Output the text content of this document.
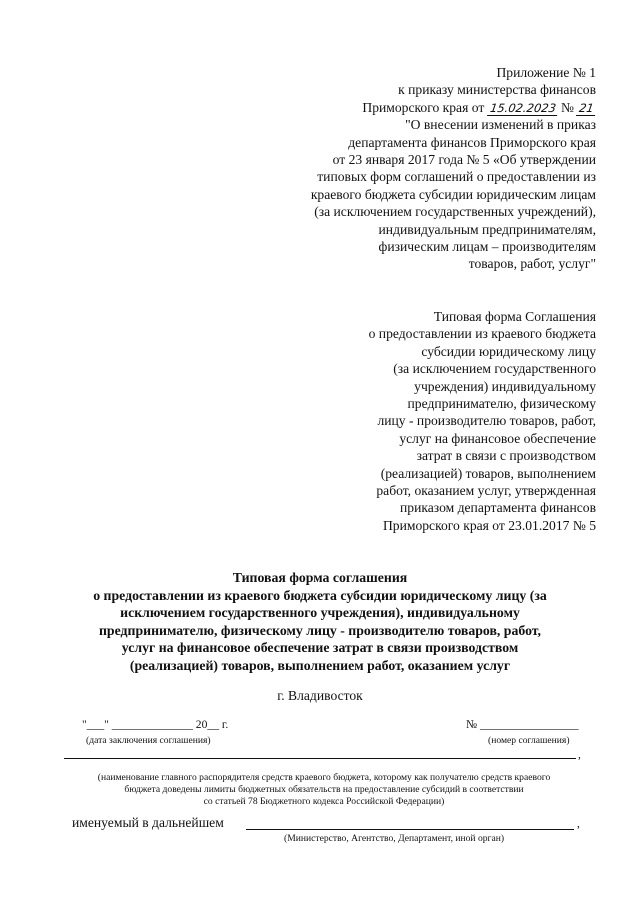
Приложение № 1
к приказу министерства финансов
Приморского края от 15.02.2023 № 21
"О внесении изменений в приказ
департамента финансов Приморского края
от 23 января 2017 года № 5 «Об утверждении
типовых форм соглашений о предоставлении из
краевого бюджета субсидии юридическим лицам
(за исключением государственных учреждений),
индивидуальным предпринимателям,
физическим лицам – производителям
товаров, работ, услуг"
Типовая форма Соглашения
о предоставлении из краевого бюджета
субсидии юридическому лицу
(за исключением государственного
учреждения) индивидуальному
предпринимателю, физическому
лицу - производителю товаров, работ,
услуг на финансовое обеспечение
затрат в связи с производством
(реализацией) товаров, выполнением
работ, оказанием услуг, утвержденная
приказом департамента финансов
Приморского края от 23.01.2017 № 5
Типовая форма соглашения
о предоставлении из краевого бюджета субсидии юридическому лицу (за
исключением государственного учреждения), индивидуальному
предпринимателю, физическому лицу - производителю товаров, работ,
услуг на финансовое обеспечение затрат в связи производством
(реализацией) товаров, выполнением работ, оказанием услуг
г. Владивосток
"___" ______________ 20__ г.
(дата заключения соглашения)
№ _________________
(номер соглашения)
,
(наименование главного распорядителя средств краевого бюджета, которому как получателю средств краевого
бюджета доведены лимиты бюджетных обязательств на предоставление субсидий в соответствии
со статьей 78 Бюджетного кодекса Российской Федерации)
именуемый в дальнейшем	,
(Министерство, Агентство, Департамент, иной орган)
